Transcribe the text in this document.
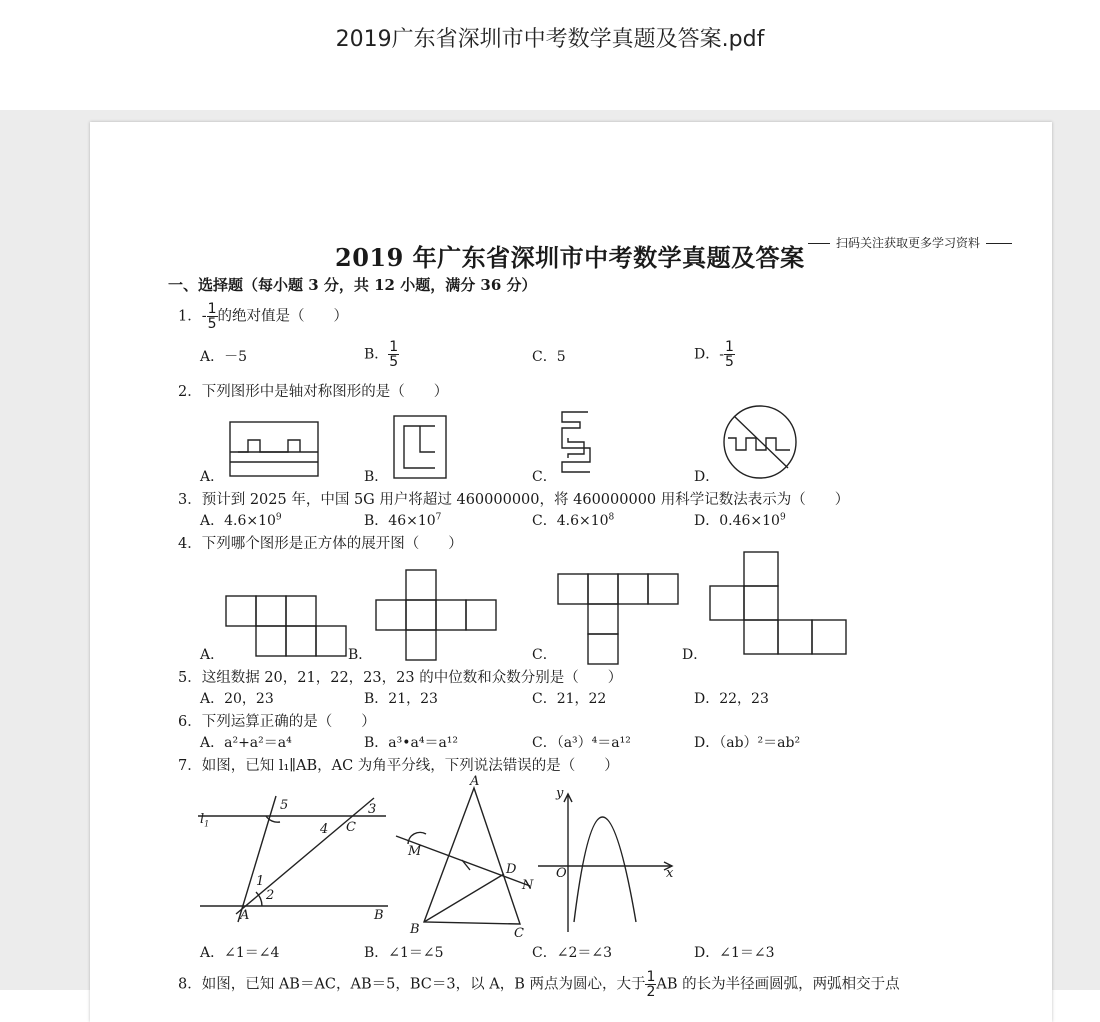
2019广东省深圳市中考数学真题及答案.pdf
2019 年广东省深圳市中考数学真题及答案	扫码关注获取更多学习资料
一、选择题（每小题 3 分，共 12 小题，满分 36 分）
1．- $\frac{1}{5}$ 的绝对值是（　　）
A．－5	B． $\frac{1}{5}$	C．5	D．- $\frac{1}{5}$
2．下列图形中是轴对称图形的是（　　）
A．	B．	C．	D．
3．预计到 2025 年，中国 5G 用户将超过 460000000，将 460000000 用科学记数法表示为（　　）
A．$4.6\times 10^9$	B．$46\times 10^7$	C．$4.6\times 10^8$	D．$0.46\times 10^9$
4．下列哪个图形是正方体的展开图（　　）
A．	B．	C．	D．
5．这组数据 20，21，22，23，23 的中位数和众数分别是（　　）
A．20，23	B．21，23	C．21，22	D．22，23
6．下列运算正确的是（　　）
A．a²+a²＝a⁴	B．a³•a⁴＝a¹²	C．（a³）⁴＝a¹²	D．（ab）²＝ab²
7．如图，已知 l₁∥AB，AC 为角平分线，下列说法错误的是（　　）
$l_1$
A	B
C
1
2
3
4
5
A
B	C
D
M
N
x
y
O
A．∠1＝∠4	B．∠1＝∠5	C．∠2＝∠3	D．∠1＝∠3
8．如图，已知 AB＝AC，AB＝5，BC＝3，以 A，B 两点为圆心，大于 $\frac{1}{2}$ AB 的长为半径画圆弧，两弧相交于点
